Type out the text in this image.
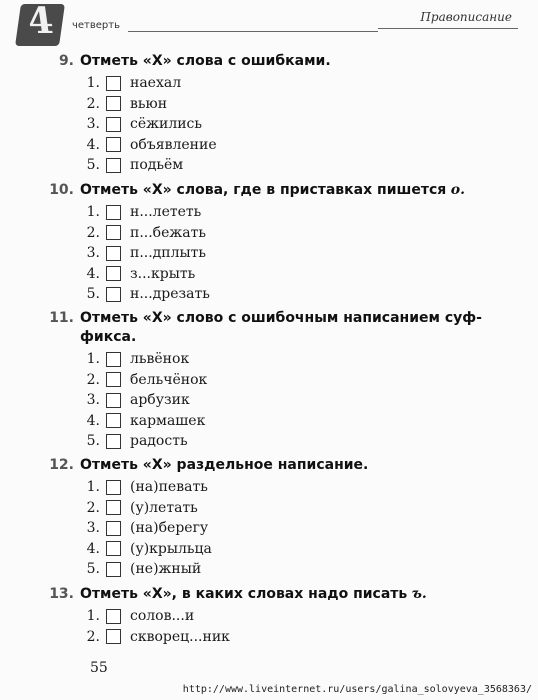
4 четверть
Правописание
9. Отметь «Х» слова с ошибками.
1. наехал
2. вьюн
3. сёжились
4. объявление
5. подьём
10. Отметь «Х» слова, где в приставках пишется о.
1. н...лететь
2. п...бежать
3. п...дплыть
4. з...крыть
5. н...дрезать
11. Отметь «Х» слово с ошибочным написанием суф-
фикса.
1. львёнок
2. бельчёнок
3. арбузик
4. кармашек
5. радость
12. Отметь «Х» раздельное написание.
1. (на)певать
2. (у)летать
3. (на)берегу
4. (у)крыльца
5. (не)жный
13. Отметь «Х», в каких словах надо писать ъ.
1. солов...и
2. скворец...ник
55
http://www.liveinternet.ru/users/galina_solovyeva_3568363/
